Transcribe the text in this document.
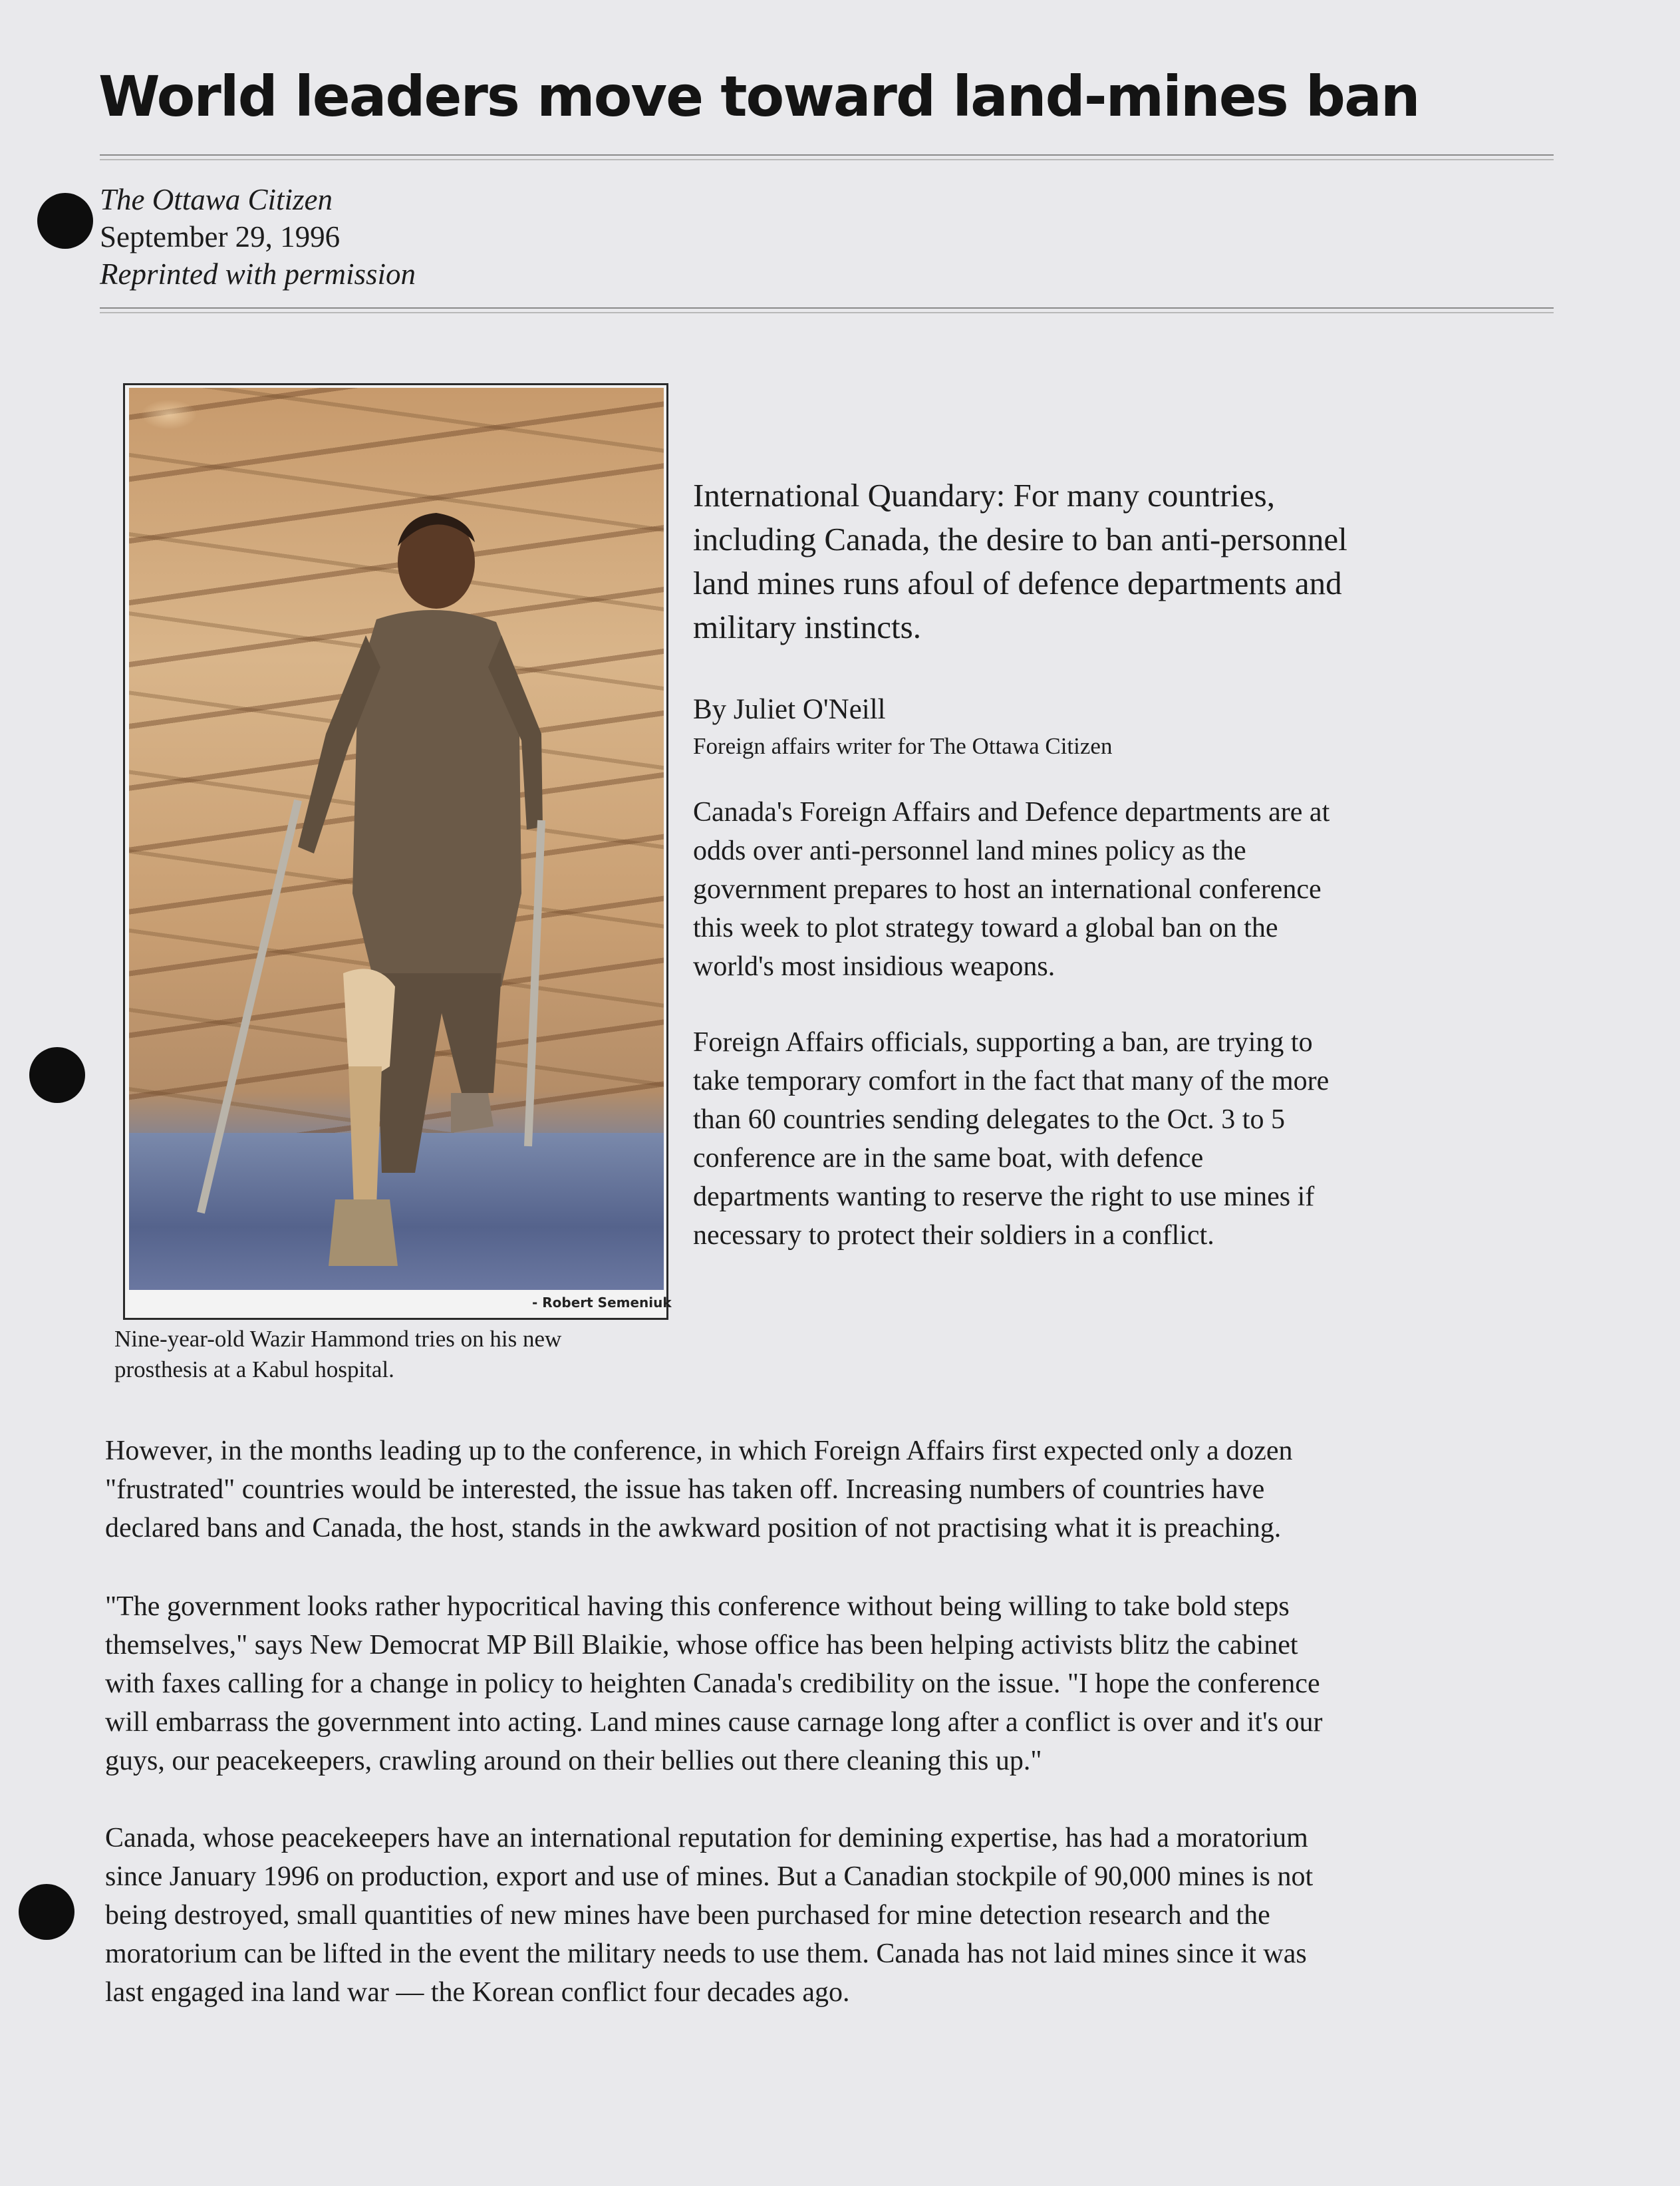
World leaders move toward land-mines ban
The Ottawa Citizen
September 29, 1996
Reprinted with permission
- Robert Semeniuk
Nine-year-old Wazir Hammond tries on his new
prosthesis at a Kabul hospital.
International Quandary: For many countries,
including Canada, the desire to ban anti-personnel
land mines runs afoul of defence departments and
military instincts.
By Juliet O'Neill
Foreign affairs writer for The Ottawa Citizen
Canada's Foreign Affairs and Defence departments are at
odds over anti-personnel land mines policy as the
government prepares to host an international conference
this week to plot strategy toward a global ban on the
world's most insidious weapons.
Foreign Affairs officials, supporting a ban, are trying to
take temporary comfort in the fact that many of the more
than 60 countries sending delegates to the Oct. 3 to 5
conference are in the same boat, with defence
departments wanting to reserve the right to use mines if
necessary to protect their soldiers in a conflict.
However, in the months leading up to the conference, in which Foreign Affairs first expected only a dozen
"frustrated" countries would be interested, the issue has taken off. Increasing numbers of countries have
declared bans and Canada, the host, stands in the awkward position of not practising what it is preaching.
"The government looks rather hypocritical having this conference without being willing to take bold steps
themselves," says New Democrat MP Bill Blaikie, whose office has been helping activists blitz the cabinet
with faxes calling for a change in policy to heighten Canada's credibility on the issue. "I hope the conference
will embarrass the government into acting. Land mines cause carnage long after a conflict is over and it's our
guys, our peacekeepers, crawling around on their bellies out there cleaning this up."
Canada, whose peacekeepers have an international reputation for demining expertise, has had a moratorium
since January 1996 on production, export and use of mines. But a Canadian stockpile of 90,000 mines is not
being destroyed, small quantities of new mines have been purchased for mine detection research and the
moratorium can be lifted in the event the military needs to use them. Canada has not laid mines since it was
last engaged ina land war — the Korean conflict four decades ago.
